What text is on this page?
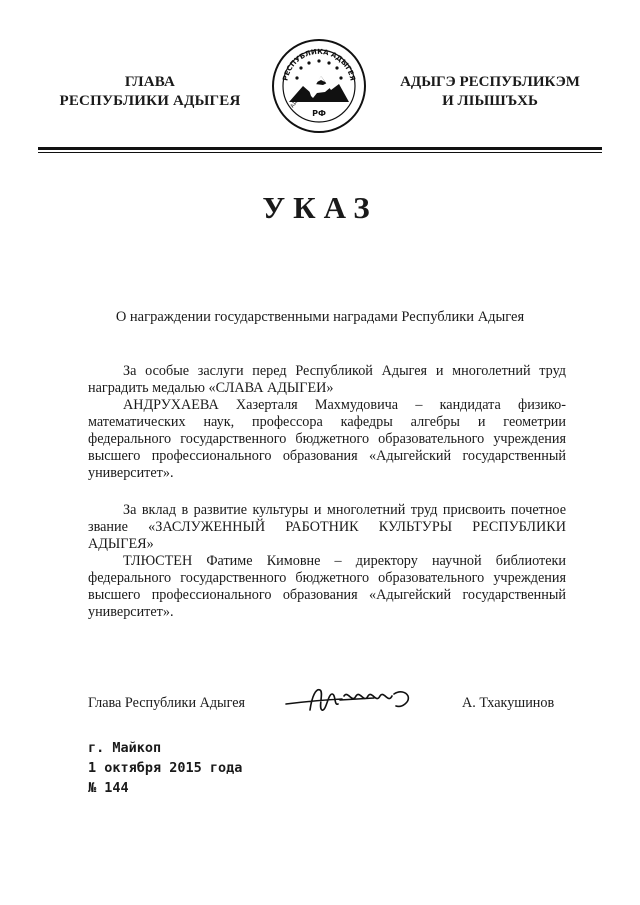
ГЛАВА
РЕСПУБЛИКИ АДЫГЕЯ
РЕСПУБЛИКА АДЫГЕЯ
РФ
АДЫГЭ
АДЫГЭ РЕСПУБЛИКЭМ
И ЛІЫШЪХЬ
УКАЗ
О награждении государственными наградами Республики Адыгея

За особые заслуги перед Республикой Адыгея и многолетний труд наградить медалью «СЛАВА АДЫГЕИ»

АНДРУХАЕВА Хазерталя Махмудовича – кандидата физико-математических наук, профессора кафедры алгебры и геометрии федерального государственного бюджетного образовательного учреждения высшего профессионального образования «Адыгейский государственный университет».

За вклад в развитие культуры и многолетний труд присвоить почетное звание «ЗАСЛУЖЕННЫЙ РАБОТНИК КУЛЬТУРЫ РЕСПУБЛИКИ АДЫГЕЯ»

ТЛЮСТЕН Фатиме Кимовне – директору научной библиотеки федерального государственного бюджетного образовательного учреждения высшего профессионального образования «Адыгейский государственный университет».

Глава Республики Адыгея	А. Тхакушинов
г. Майкоп
1 октября 2015 года
№ 144
